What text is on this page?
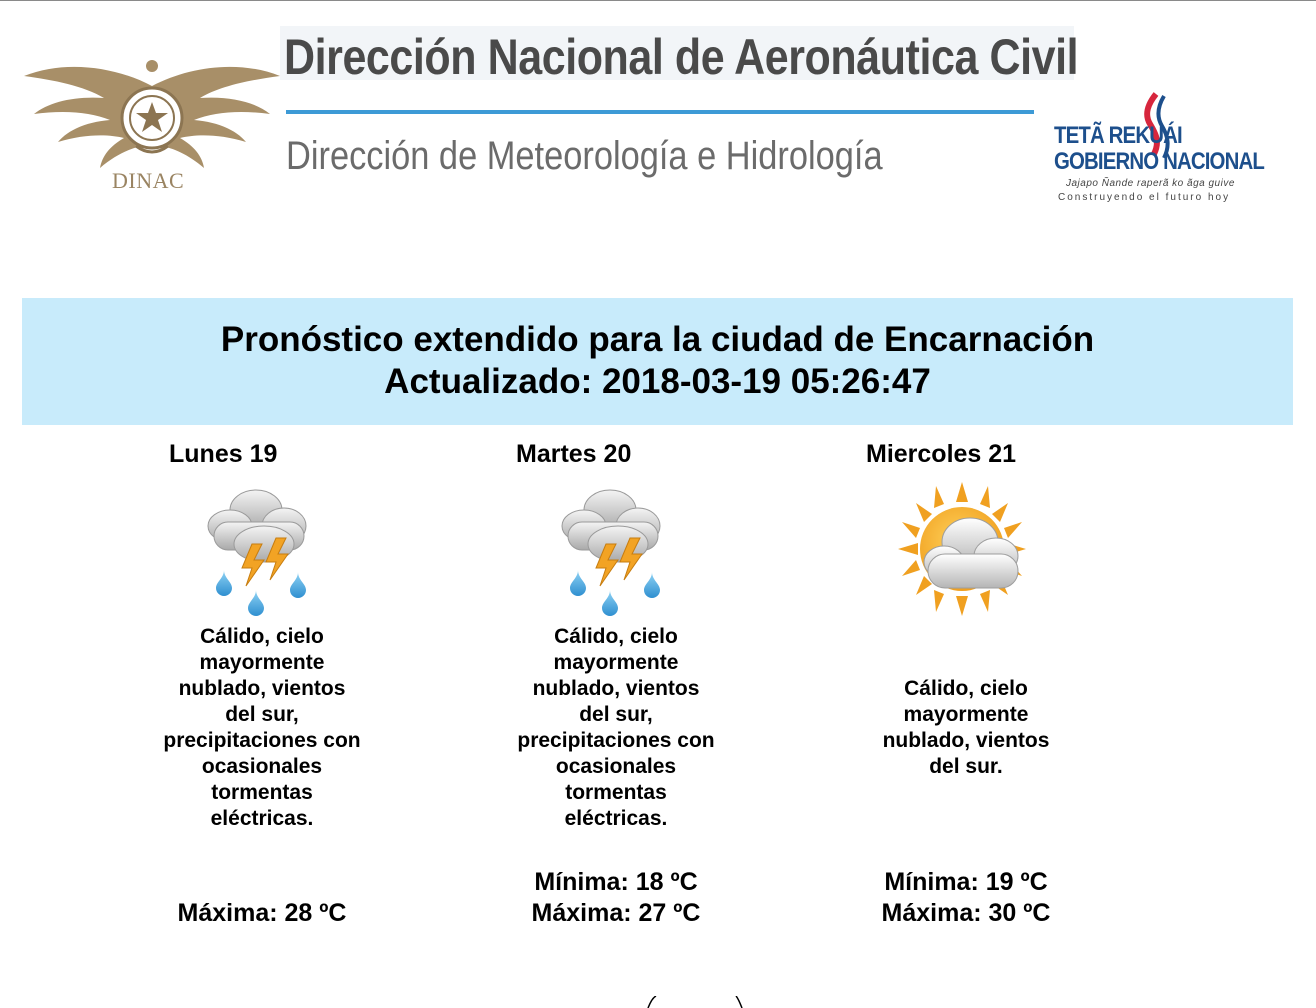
DINAC
Dirección Nacional de Aeronáutica Civil
Dirección de Meteorología e Hidrología	TETÃ REKUÁI
GOBIERNO NACIONAL
Jajapo Ñande raperã ko ãga guive
Construyendo el futuro hoy
Pronóstico extendido para la ciudad de Encarnación
Actualizado: 2018-03-19 05:26:47
Lunes 19
Cálido, cielo mayormente nublado, vientos del sur, precipitaciones con ocasionales tormentas eléctricas.
Máxima: 28 ºC
Martes 20
Cálido, cielo mayormente nublado, vientos del sur, precipitaciones con ocasionales tormentas eléctricas.
Mínima: 18 ºC
Máxima: 27 ºC
Miercoles 21
Cálido, cielo mayormente nublado, vientos del sur.
Mínima: 19 ºC
Máxima: 30 ºC
